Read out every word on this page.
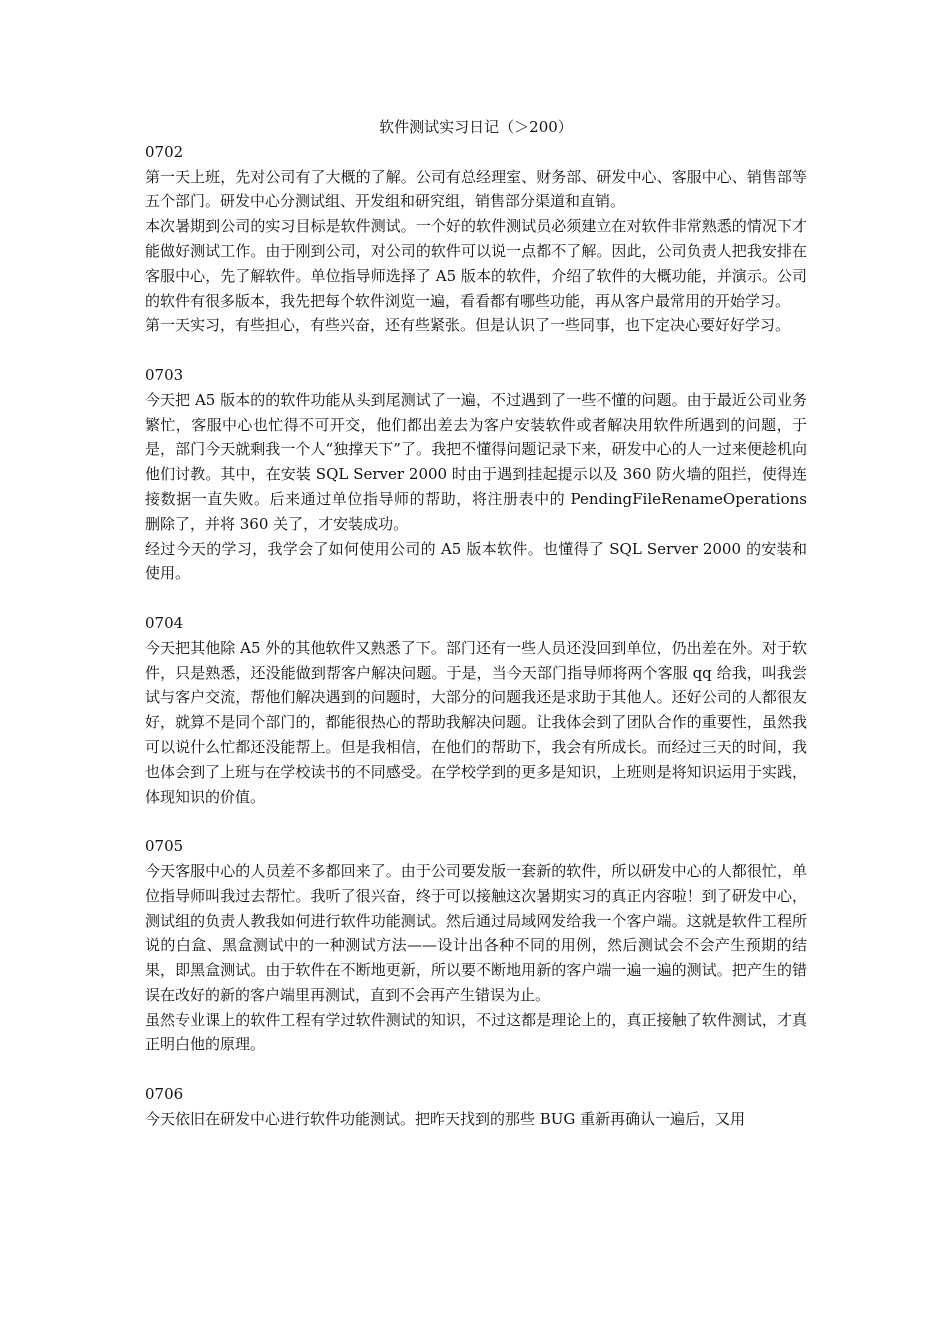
软件测试实习日记（＞200）

0702

第一天上班，先对公司有了大概的了解。公司有总经理室、财务部、研发中心、客服中心、销售部等五个部门。研发中心分测试组、开发组和研究组，销售部分渠道和直销。

本次暑期到公司的实习目标是软件测试。一个好的软件测试员必须建立在对软件非常熟悉的情况下才能做好测试工作。由于刚到公司，对公司的软件可以说一点都不了解。因此，公司负责人把我安排在客服中心，先了解软件。单位指导师选择了 A5 版本的软件，介绍了软件的大概功能，并演示。公司的软件有很多版本，我先把每个软件浏览一遍，看看都有哪些功能，再从客户最常用的开始学习。

第一天实习，有些担心，有些兴奋，还有些紧张。但是认识了一些同事，也下定决心要好好学习。

0703

今天把 A5 版本的的软件功能从头到尾测试了一遍，不过遇到了一些不懂的问题。由于最近公司业务繁忙，客服中心也忙得不可开交，他们都出差去为客户安装软件或者解决用软件所遇到的问题，于是，部门今天就剩我一个人“独撑天下”了。我把不懂得问题记录下来，研发中心的人一过来便趁机向他们讨教。其中，在安装 SQL Server 2000 时由于遇到挂起提示以及 360 防火墙的阻拦，使得连接数据一直失败。后来通过单位指导师的帮助，将注册表中的 PendingFileRenameOperations 删除了，并将 360 关了，才安装成功。

经过今天的学习，我学会了如何使用公司的 A5 版本软件。也懂得了 SQL Server 2000 的安装和使用。

0704

今天把其他除 A5 外的其他软件又熟悉了下。部门还有一些人员还没回到单位，仍出差在外。对于软件，只是熟悉，还没能做到帮客户解决问题。于是，当今天部门指导师将两个客服 qq 给我，叫我尝试与客户交流，帮他们解决遇到的问题时，大部分的问题我还是求助于其他人。还好公司的人都很友好，就算不是同个部门的，都能很热心的帮助我解决问题。让我体会到了团队合作的重要性，虽然我可以说什么忙都还没能帮上。但是我相信，在他们的帮助下，我会有所成长。而经过三天的时间，我也体会到了上班与在学校读书的不同感受。在学校学到的更多是知识，上班则是将知识运用于实践，体现知识的价值。

0705

今天客服中心的人员差不多都回来了。由于公司要发版一套新的软件，所以研发中心的人都很忙，单位指导师叫我过去帮忙。我听了很兴奋，终于可以接触这次暑期实习的真正内容啦！到了研发中心，测试组的负责人教我如何进行软件功能测试。然后通过局域网发给我一个客户端。这就是软件工程所说的白盒、黑盒测试中的一种测试方法——设计出各种不同的用例，然后测试会不会产生预期的结果，即黑盒测试。由于软件在不断地更新，所以要不断地用新的客户端一遍一遍的测试。把产生的错误在改好的新的客户端里再测试，直到不会再产生错误为止。

虽然专业课上的软件工程有学过软件测试的知识，不过这都是理论上的，真正接触了软件测试，才真正明白他的原理。

0706

今天依旧在研发中心进行软件功能测试。把昨天找到的那些 BUG 重新再确认一遍后，又用
